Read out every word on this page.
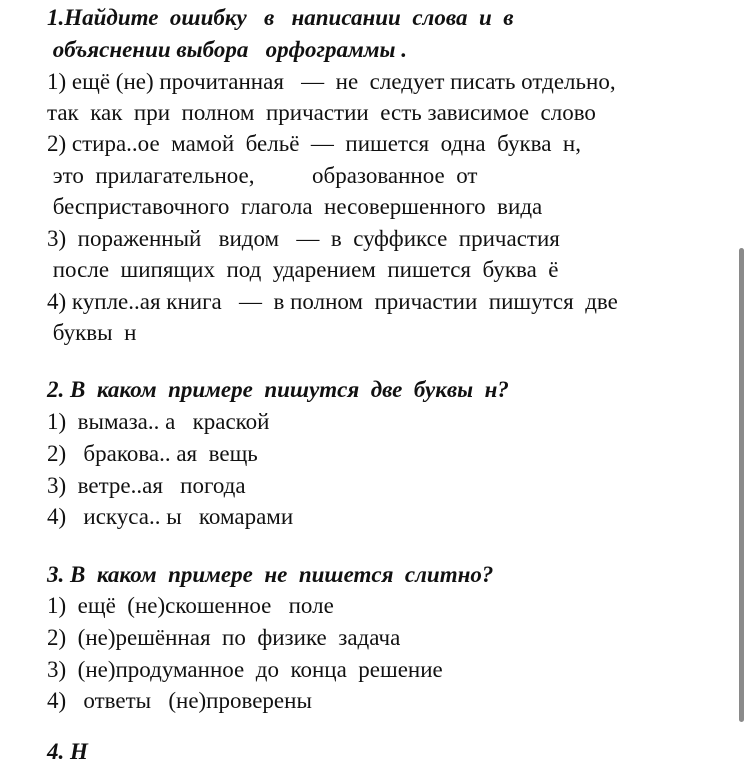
1.Найдите  ошибку   в   написании  слова  и  в
объяснении выбора   орфограммы .
1) ещё (не) прочитанная   —  не  следует писать отдельно,
так  как  при  полном  причастии  есть зависимое  слово
2) стира..ое  мамой  бельё  —  пишется  одна  буква  н,
это  прилагательное,          образованное  от
бесприставочного  глагола  несовершенного  вида
3)  пораженный   видом   —  в  суффиксе  причастия
после  шипящих  под  ударением  пишется  буква  ё
4) купле..ая книга   —  в полном  причастии  пишутся  две
буквы  н
2. В  каком  примере  пишутся  две  буквы  н?
1)  вымаза.. а   краской
2)   бракова.. ая  вещь
3)  ветре..ая   погода
4)   искуса.. ы   комарами
3. В  каком  примере  не  пишется  слитно?
1)  ещё  (не)скошенное   поле
2)  (не)решённая  по  физике  задача
3)  (не)продуманное  до  конца  решение
4)   ответы   (не)проверены
4. Н
